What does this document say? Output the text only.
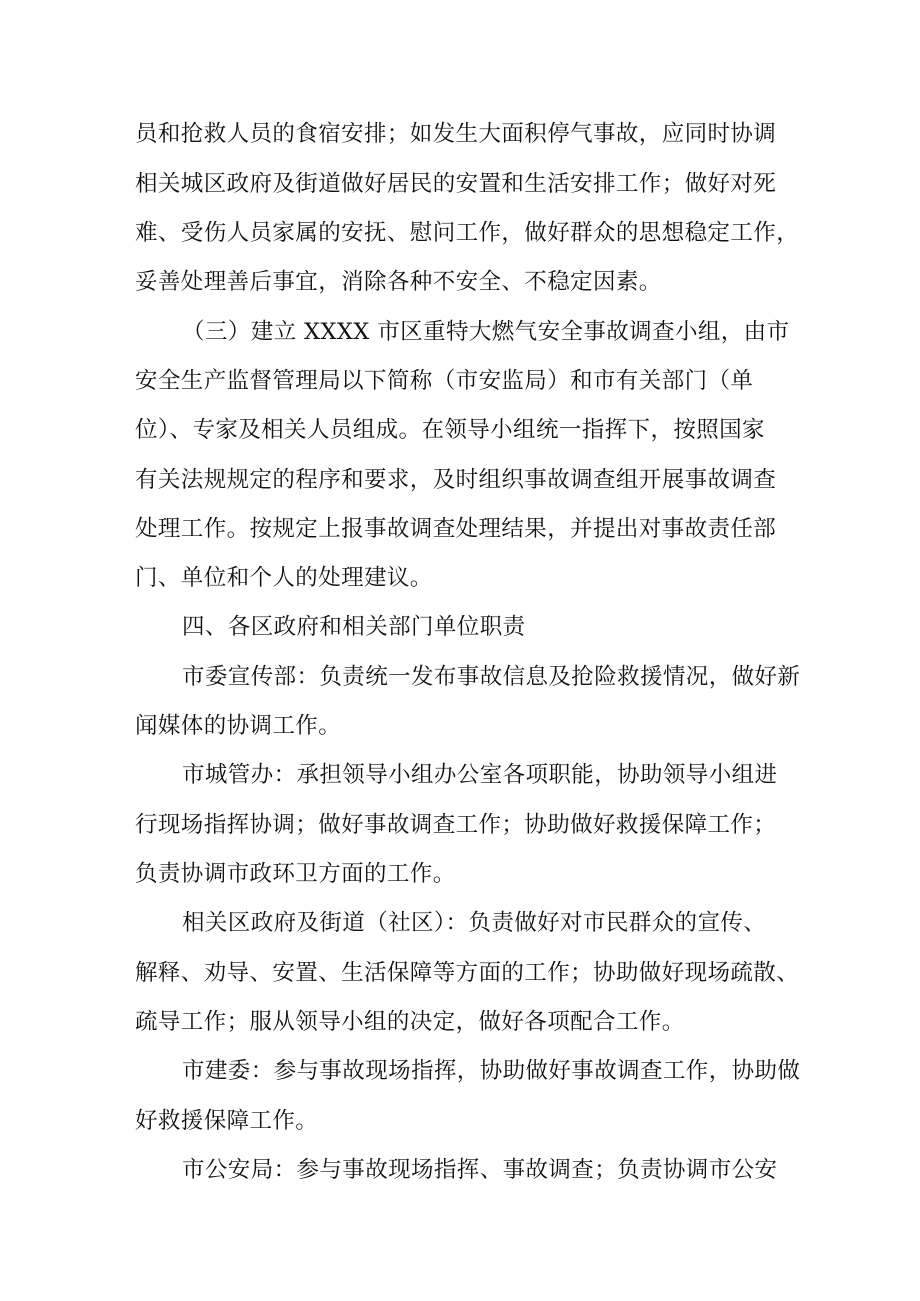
员和抢救人员的食宿安排；如发生大面积停气事故，应同时协调
相关城区政府及街道做好居民的安置和生活安排工作；做好对死
难、受伤人员家属的安抚、慰问工作，做好群众的思想稳定工作，
妥善处理善后事宜，消除各种不安全、不稳定因素。
（三）建立 XXXX 市区重特大燃气安全事故调查小组，由市
安全生产监督管理局以下简称（市安监局）和市有关部门（单
位）、专家及相关人员组成。在领导小组统一指挥下，按照国家
有关法规规定的程序和要求，及时组织事故调查组开展事故调查
处理工作。按规定上报事故调查处理结果，并提出对事故责任部
门、单位和个人的处理建议。
四、各区政府和相关部门单位职责
市委宣传部：负责统一发布事故信息及抢险救援情况，做好新
闻媒体的协调工作。
市城管办：承担领导小组办公室各项职能，协助领导小组进
行现场指挥协调；做好事故调查工作；协助做好救援保障工作；
负责协调市政环卫方面的工作。
相关区政府及街道（社区）：负责做好对市民群众的宣传、
解释、劝导、安置、生活保障等方面的工作；协助做好现场疏散、
疏导工作；服从领导小组的决定，做好各项配合工作。
市建委：参与事故现场指挥，协助做好事故调查工作，协助做
好救援保障工作。
市公安局：参与事故现场指挥、事故调查；负责协调市公安
